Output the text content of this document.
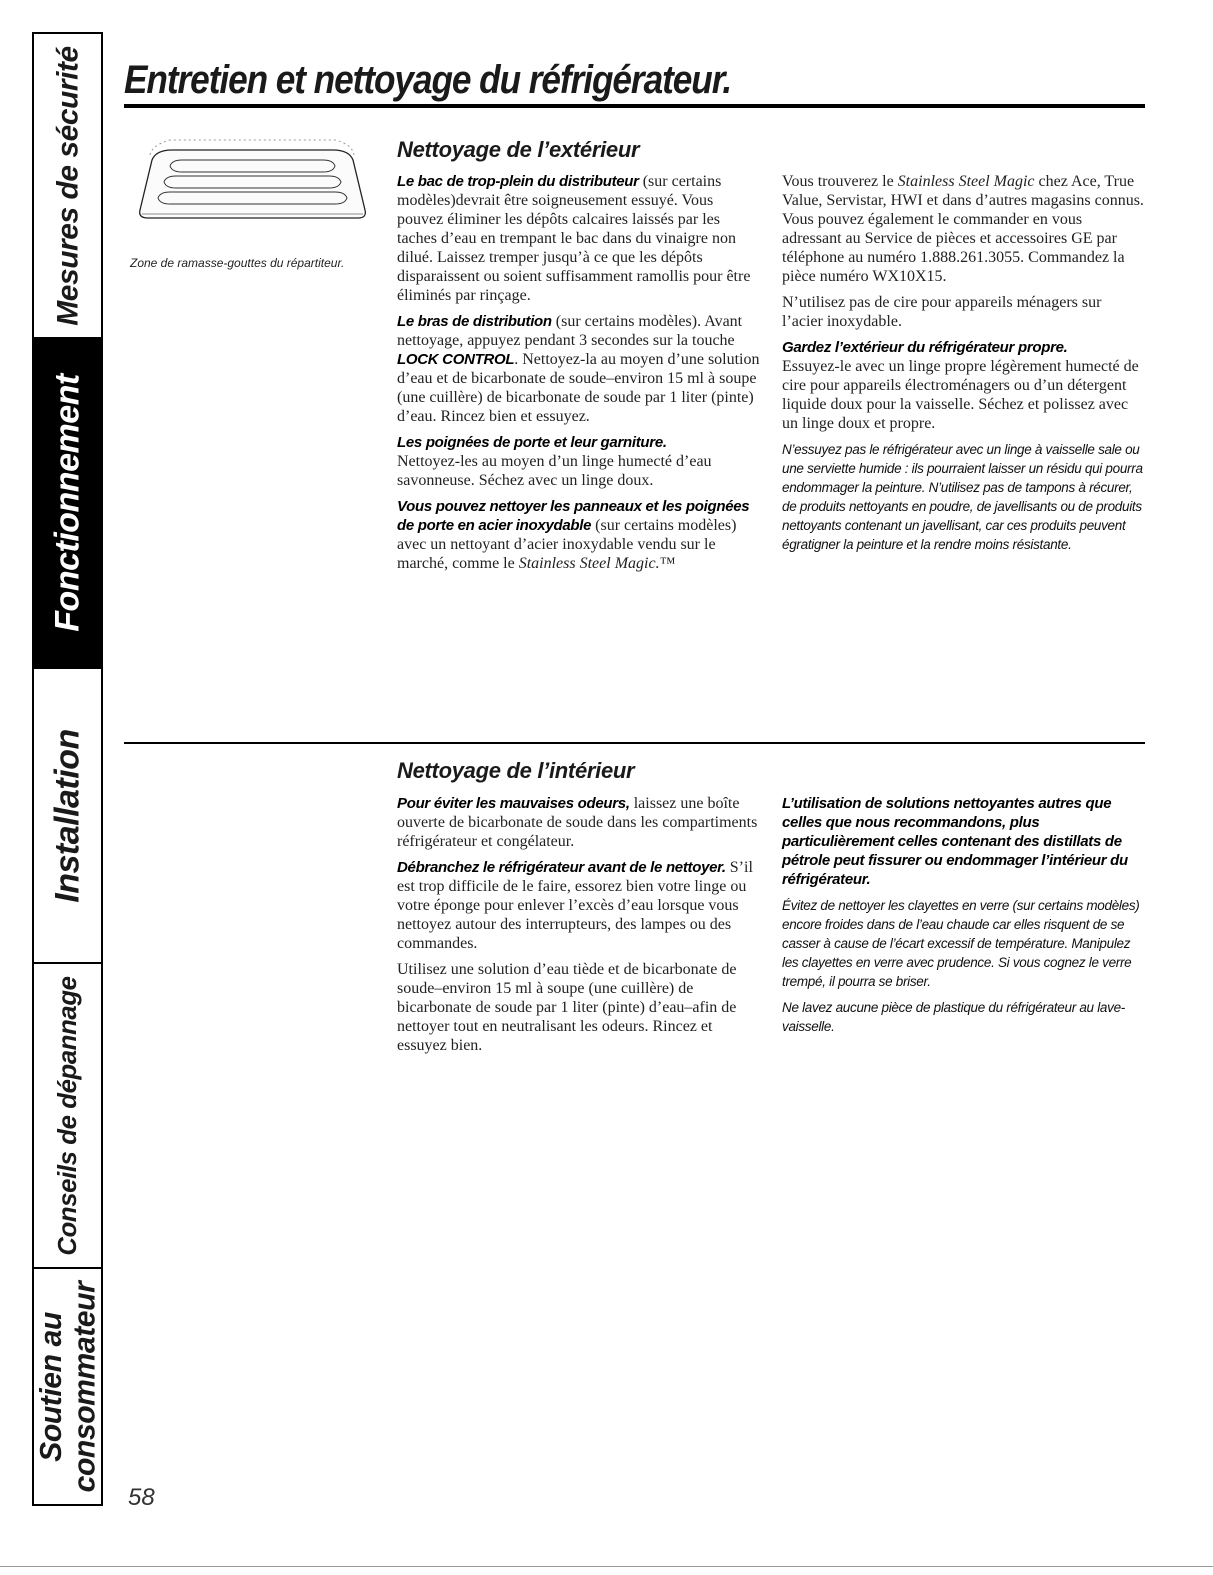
Mesures de sécurité
Fonctionnement
Installation
Conseils de dépannage
Soutien au consommateur
Entretien et nettoyage du réfrigérateur.
Zone de ramasse-gouttes du répartiteur.
Nettoyage de l’extérieur

Le bac de trop-plein du distributeur (sur certains modèles)devrait être soigneusement essuyé. Vous pouvez éliminer les dépôts calcaires laissés par les taches d’eau en trempant le bac dans du vinaigre non dilué. Laissez tremper jusqu’à ce que les dépôts disparaissent ou soient suffisamment ramollis pour être éliminés par rinçage.

Le bras de distribution (sur certains modèles). Avant nettoyage, appuyez pendant 3 secondes sur la touche LOCK CONTROL. Nettoyez-la au moyen d’une solution d’eau et de bicarbonate de soude–environ 15 ml à soupe (une cuillère) de bicarbonate de soude par 1 liter (pinte) d’eau. Rincez bien et essuyez.

Les poignées de porte et leur garniture.
Nettoyez-les au moyen d’un linge humecté d’eau savonneuse. Séchez avec un linge doux.

Vous pouvez nettoyer les panneaux et les poignées de porte en acier inoxydable (sur certains modèles) avec un nettoyant d’acier inoxydable vendu sur le marché, comme le Stainless Steel Magic.™

Vous trouverez le Stainless Steel Magic chez Ace, True Value, Servistar, HWI et dans d’autres magasins connus. Vous pouvez également le commander en vous adressant au Service de pièces et accessoires GE par téléphone au numéro 1.888.261.3055. Commandez la pièce numéro WX10X15.

N’utilisez pas de cire pour appareils ménagers sur l’acier inoxydable.

Gardez l’extérieur du réfrigérateur propre.
Essuyez-le avec un linge propre légèrement humecté de cire pour appareils électroménagers ou d’un détergent liquide doux pour la vaisselle. Séchez et polissez avec un linge doux et propre.

N’essuyez pas le réfrigérateur avec un linge à vaisselle sale ou une serviette humide : ils pourraient laisser un résidu qui pourra endommager la peinture. N’utilisez pas de tampons à récurer, de produits nettoyants en poudre, de javellisants ou de produits nettoyants contenant un javellisant, car ces produits peuvent égratigner la peinture et la rendre moins résistante.

Nettoyage de l’intérieur

Pour éviter les mauvaises odeurs, laissez une boîte ouverte de bicarbonate de soude dans les compartiments réfrigérateur et congélateur.

Débranchez le réfrigérateur avant de le nettoyer. S’il est trop difficile de le faire, essorez bien votre linge ou votre éponge pour enlever l’excès d’eau lorsque vous nettoyez autour des interrupteurs, des lampes ou des commandes.

Utilisez une solution d’eau tiède et de bicarbonate de soude–environ 15 ml à soupe (une cuillère) de bicarbonate de soude par 1 liter (pinte) d’eau–afin de nettoyer tout en neutralisant les odeurs. Rincez et essuyez bien.

L’utilisation de solutions nettoyantes autres que celles que nous recommandons, plus particulièrement celles contenant des distillats de pétrole peut fissurer ou endommager l’intérieur du réfrigérateur.

Évitez de nettoyer les clayettes en verre (sur certains modèles) encore froides dans de l’eau chaude car elles risquent de se casser à cause de l’écart excessif de température. Manipulez les clayettes en verre avec prudence. Si vous cognez le verre trempé, il pourra se briser.

Ne lavez aucune pièce de plastique du réfrigérateur au lave-vaisselle.

58
